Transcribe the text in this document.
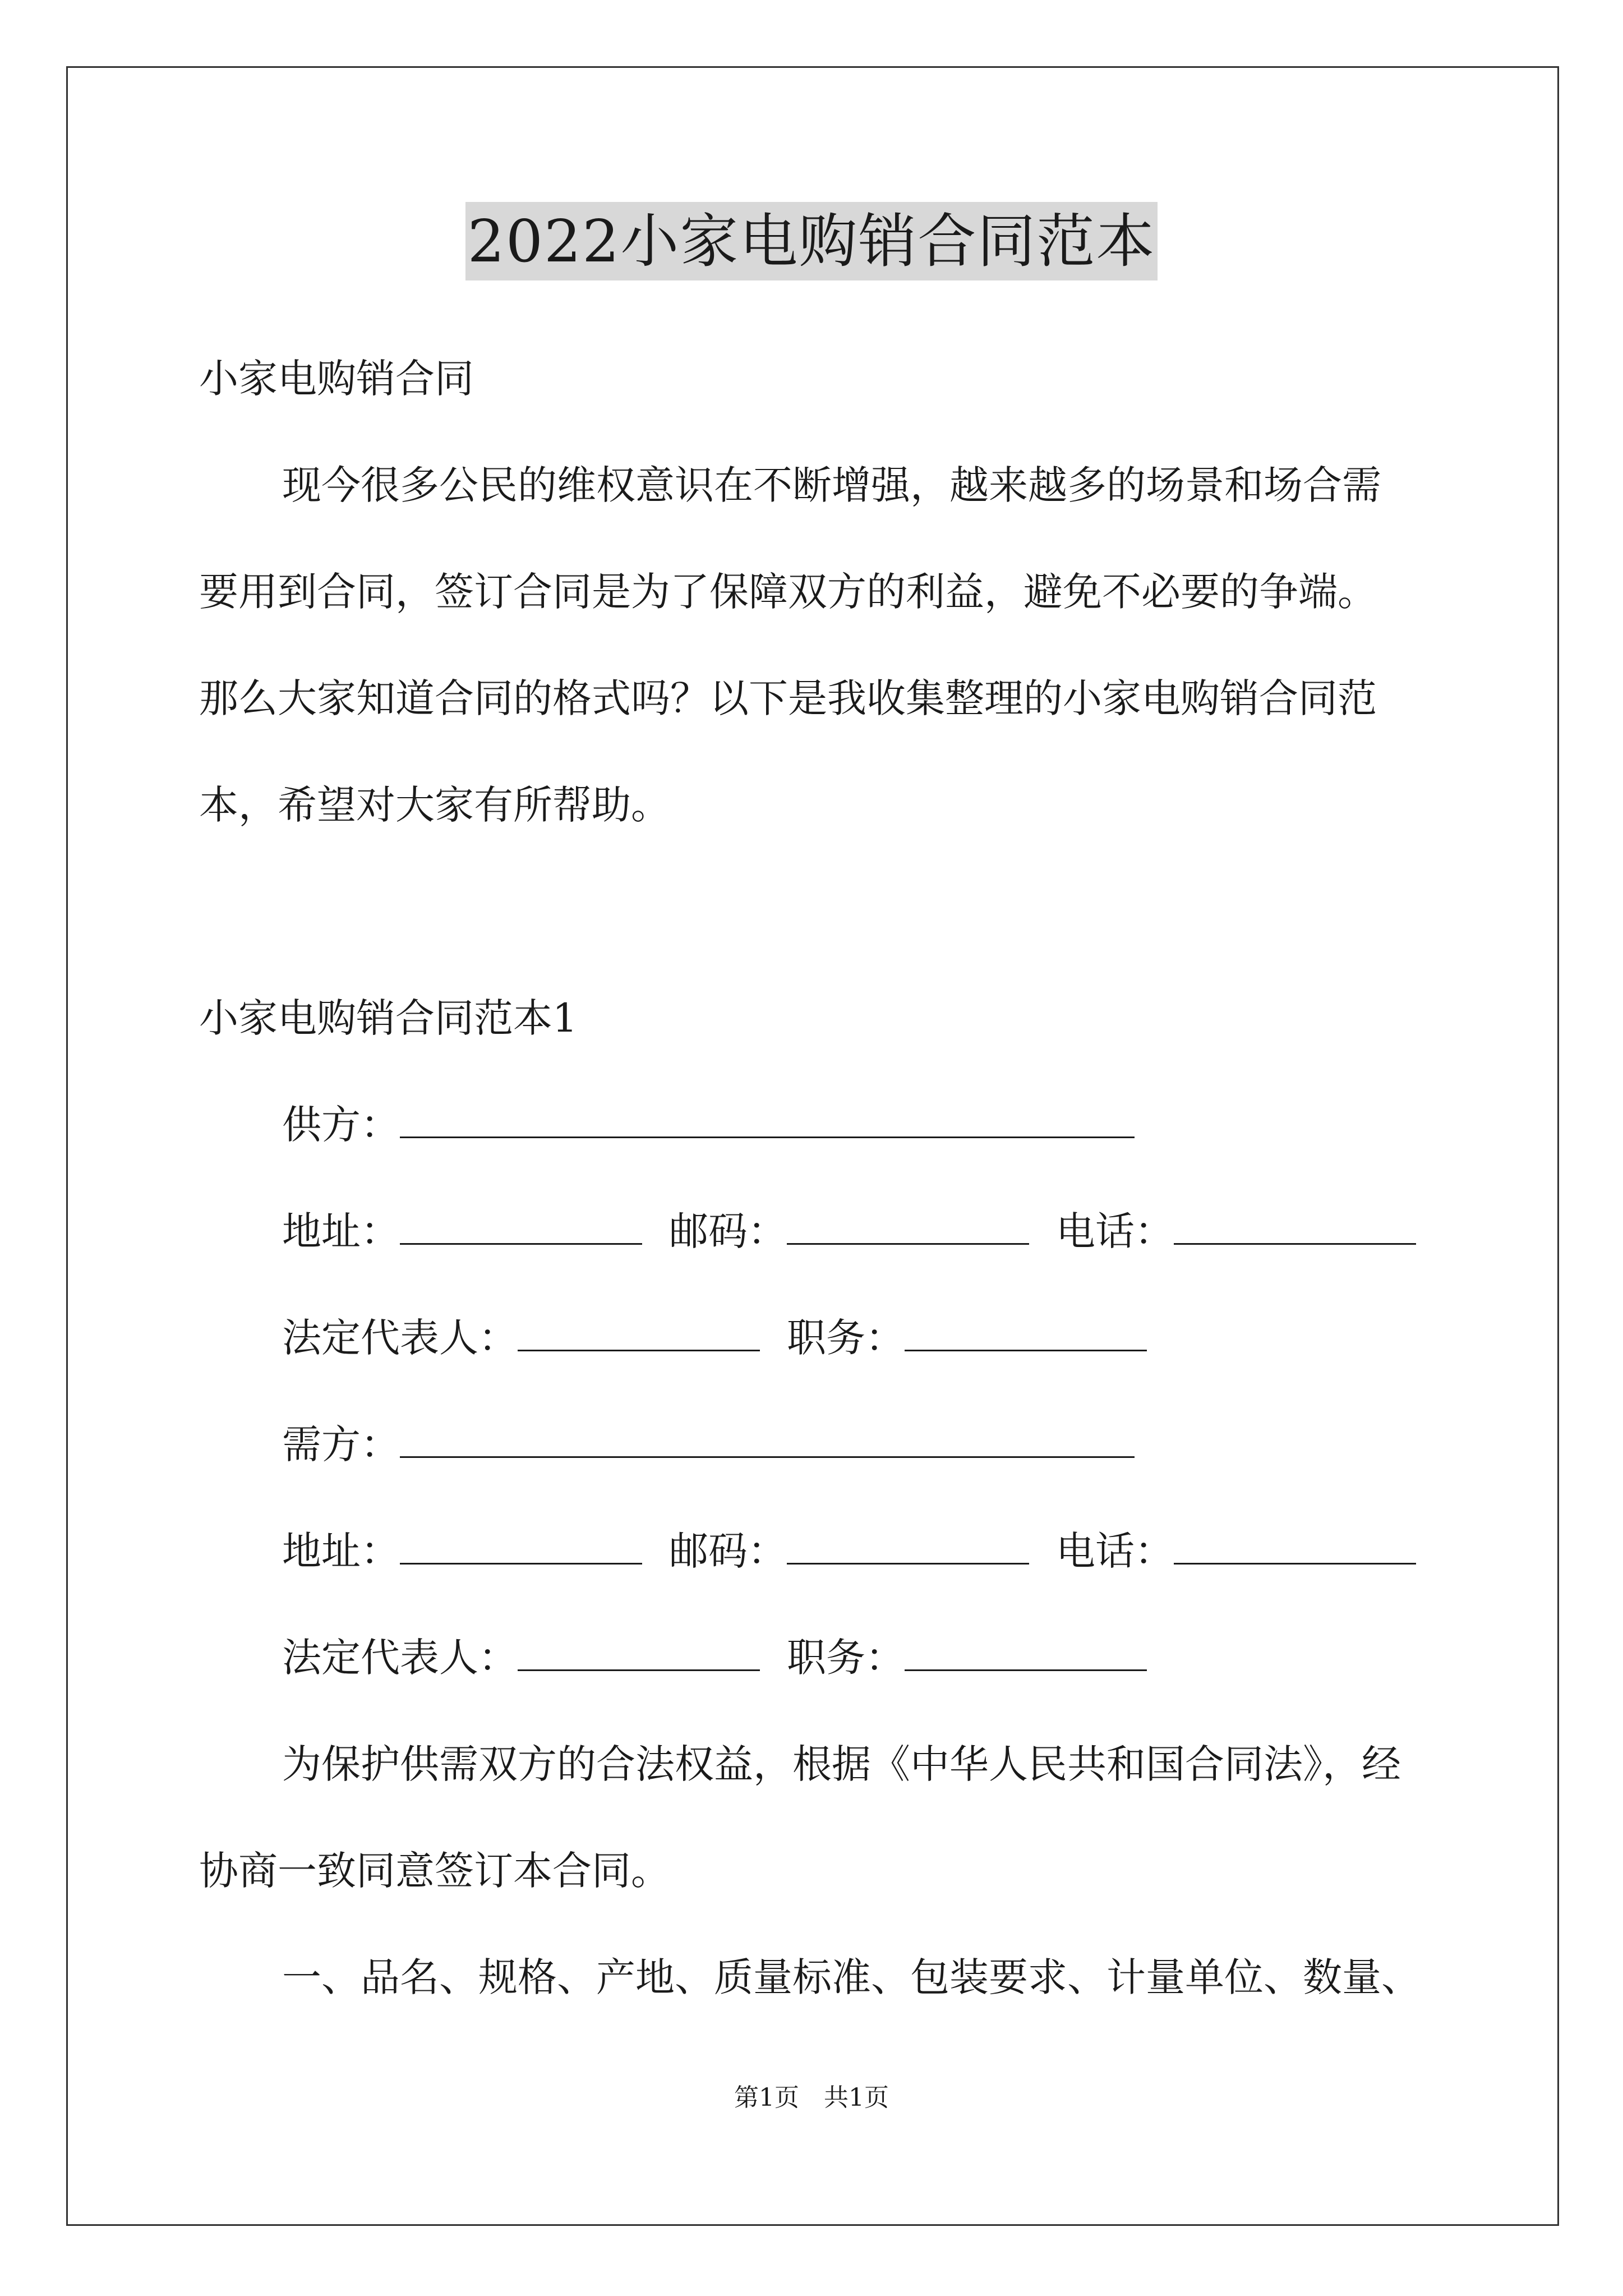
2022小家电购销合同范本
小家电购销合同
现今很多公民的维权意识在不断增强，越来越多的场景和场合需
要用到合同，签订合同是为了保障双方的利益，避免不必要的争端。
那么大家知道合同的格式吗？以下是我收集整理的小家电购销合同范
本，希望对大家有所帮助。
小家电购销合同范本1
供方：
地址：	邮码：	电话：
法定代表人：	职务：
需方：
地址：	邮码：	电话：
法定代表人：	职务：
为保护供需双方的合法权益，根据《中华人民共和国合同法》，经
协商一致同意签订本合同。
一、品名、规格、产地、质量标准、包装要求、计量单位、数量、
第1页　共1页
